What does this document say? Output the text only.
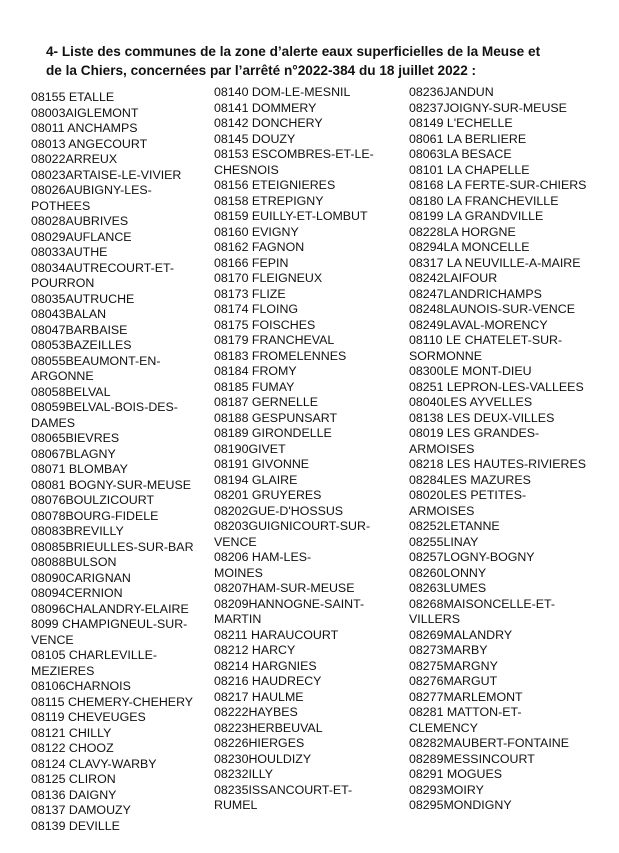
4- Liste des communes de la zone d’alerte eaux superficielles de la Meuse et
de la Chiers, concernées par l’arrêté n°2022-384 du 18 juillet 2022 :
08155 ETALLE
08003AIGLEMONT
08011 ANCHAMPS
08013 ANGECOURT
08022ARREUX
08023ARTAISE-LE-VIVIER
08026AUBIGNY-LES-
POTHEES
08028AUBRIVES
08029AUFLANCE
08033AUTHE
08034AUTRECOURT-ET-
POURRON
08035AUTRUCHE
08043BALAN
08047BARBAISE
08053BAZEILLES
08055BEAUMONT-EN-
ARGONNE
08058BELVAL
08059BELVAL-BOIS-DES-
DAMES
08065BIEVRES
08067BLAGNY
08071 BLOMBAY
08081 BOGNY-SUR-MEUSE
08076BOULZICOURT
08078BOURG-FIDELE
08083BREVILLY
08085BRIEULLES-SUR-BAR
08088BULSON
08090CARIGNAN
08094CERNION
08096CHALANDRY-ELAIRE
8099 CHAMPIGNEUL-SUR-
VENCE
08105 CHARLEVILLE-
MEZIERES
08106CHARNOIS
08115 CHEMERY-CHEHERY
08119 CHEVEUGES
08121 CHILLY
08122 CHOOZ
08124 CLAVY-WARBY
08125 CLIRON
08136 DAIGNY
08137 DAMOUZY
08139 DEVILLE
08140 DOM-LE-MESNIL
08141 DOMMERY
08142 DONCHERY
08145 DOUZY
08153 ESCOMBRES-ET-LE-
CHESNOIS
08156 ETEIGNIERES
08158 ETREPIGNY
08159 EUILLY-ET-LOMBUT
08160 EVIGNY
08162 FAGNON
08166 FEPIN
08170 FLEIGNEUX
08173 FLIZE
08174 FLOING
08175 FOISCHES
08179 FRANCHEVAL
08183 FROMELENNES
08184 FROMY
08185 FUMAY
08187 GERNELLE
08188 GESPUNSART
08189 GIRONDELLE
08190GIVET
08191 GIVONNE
08194 GLAIRE
08201 GRUYERES
08202GUE-D'HOSSUS
08203GUIGNICOURT-SUR-
VENCE
08206 HAM-LES-
MOINES
08207HAM-SUR-MEUSE
08209HANNOGNE-SAINT-
MARTIN
08211 HARAUCOURT
08212 HARCY
08214 HARGNIES
08216 HAUDRECY
08217 HAULME
08222HAYBES
08223HERBEUVAL
08226HIERGES
08230HOULDIZY
08232ILLY
08235ISSANCOURT-ET-
RUMEL
08236JANDUN
08237JOIGNY-SUR-MEUSE
08149 L'ECHELLE
08061 LA BERLIERE
08063LA BESACE
08101 LA CHAPELLE
08168 LA FERTE-SUR-CHIERS
08180 LA FRANCHEVILLE
08199 LA GRANDVILLE
08228LA HORGNE
08294LA MONCELLE
08317 LA NEUVILLE-A-MAIRE
08242LAIFOUR
08247LANDRICHAMPS
08248LAUNOIS-SUR-VENCE
08249LAVAL-MORENCY
08110 LE CHATELET-SUR-
SORMONNE
08300LE MONT-DIEU
08251 LEPRON-LES-VALLEES
08040LES AYVELLES
08138 LES DEUX-VILLES
08019 LES GRANDES-
ARMOISES
08218 LES HAUTES-RIVIERES
08284LES MAZURES
08020LES PETITES-
ARMOISES
08252LETANNE
08255LINAY
08257LOGNY-BOGNY
08260LONNY
08263LUMES
08268MAISONCELLE-ET-
VILLERS
08269MALANDRY
08273MARBY
08275MARGNY
08276MARGUT
08277MARLEMONT
08281 MATTON-ET-
CLEMENCY
08282MAUBERT-FONTAINE
08289MESSINCOURT
08291 MOGUES
08293MOIRY
08295MONDIGNY
